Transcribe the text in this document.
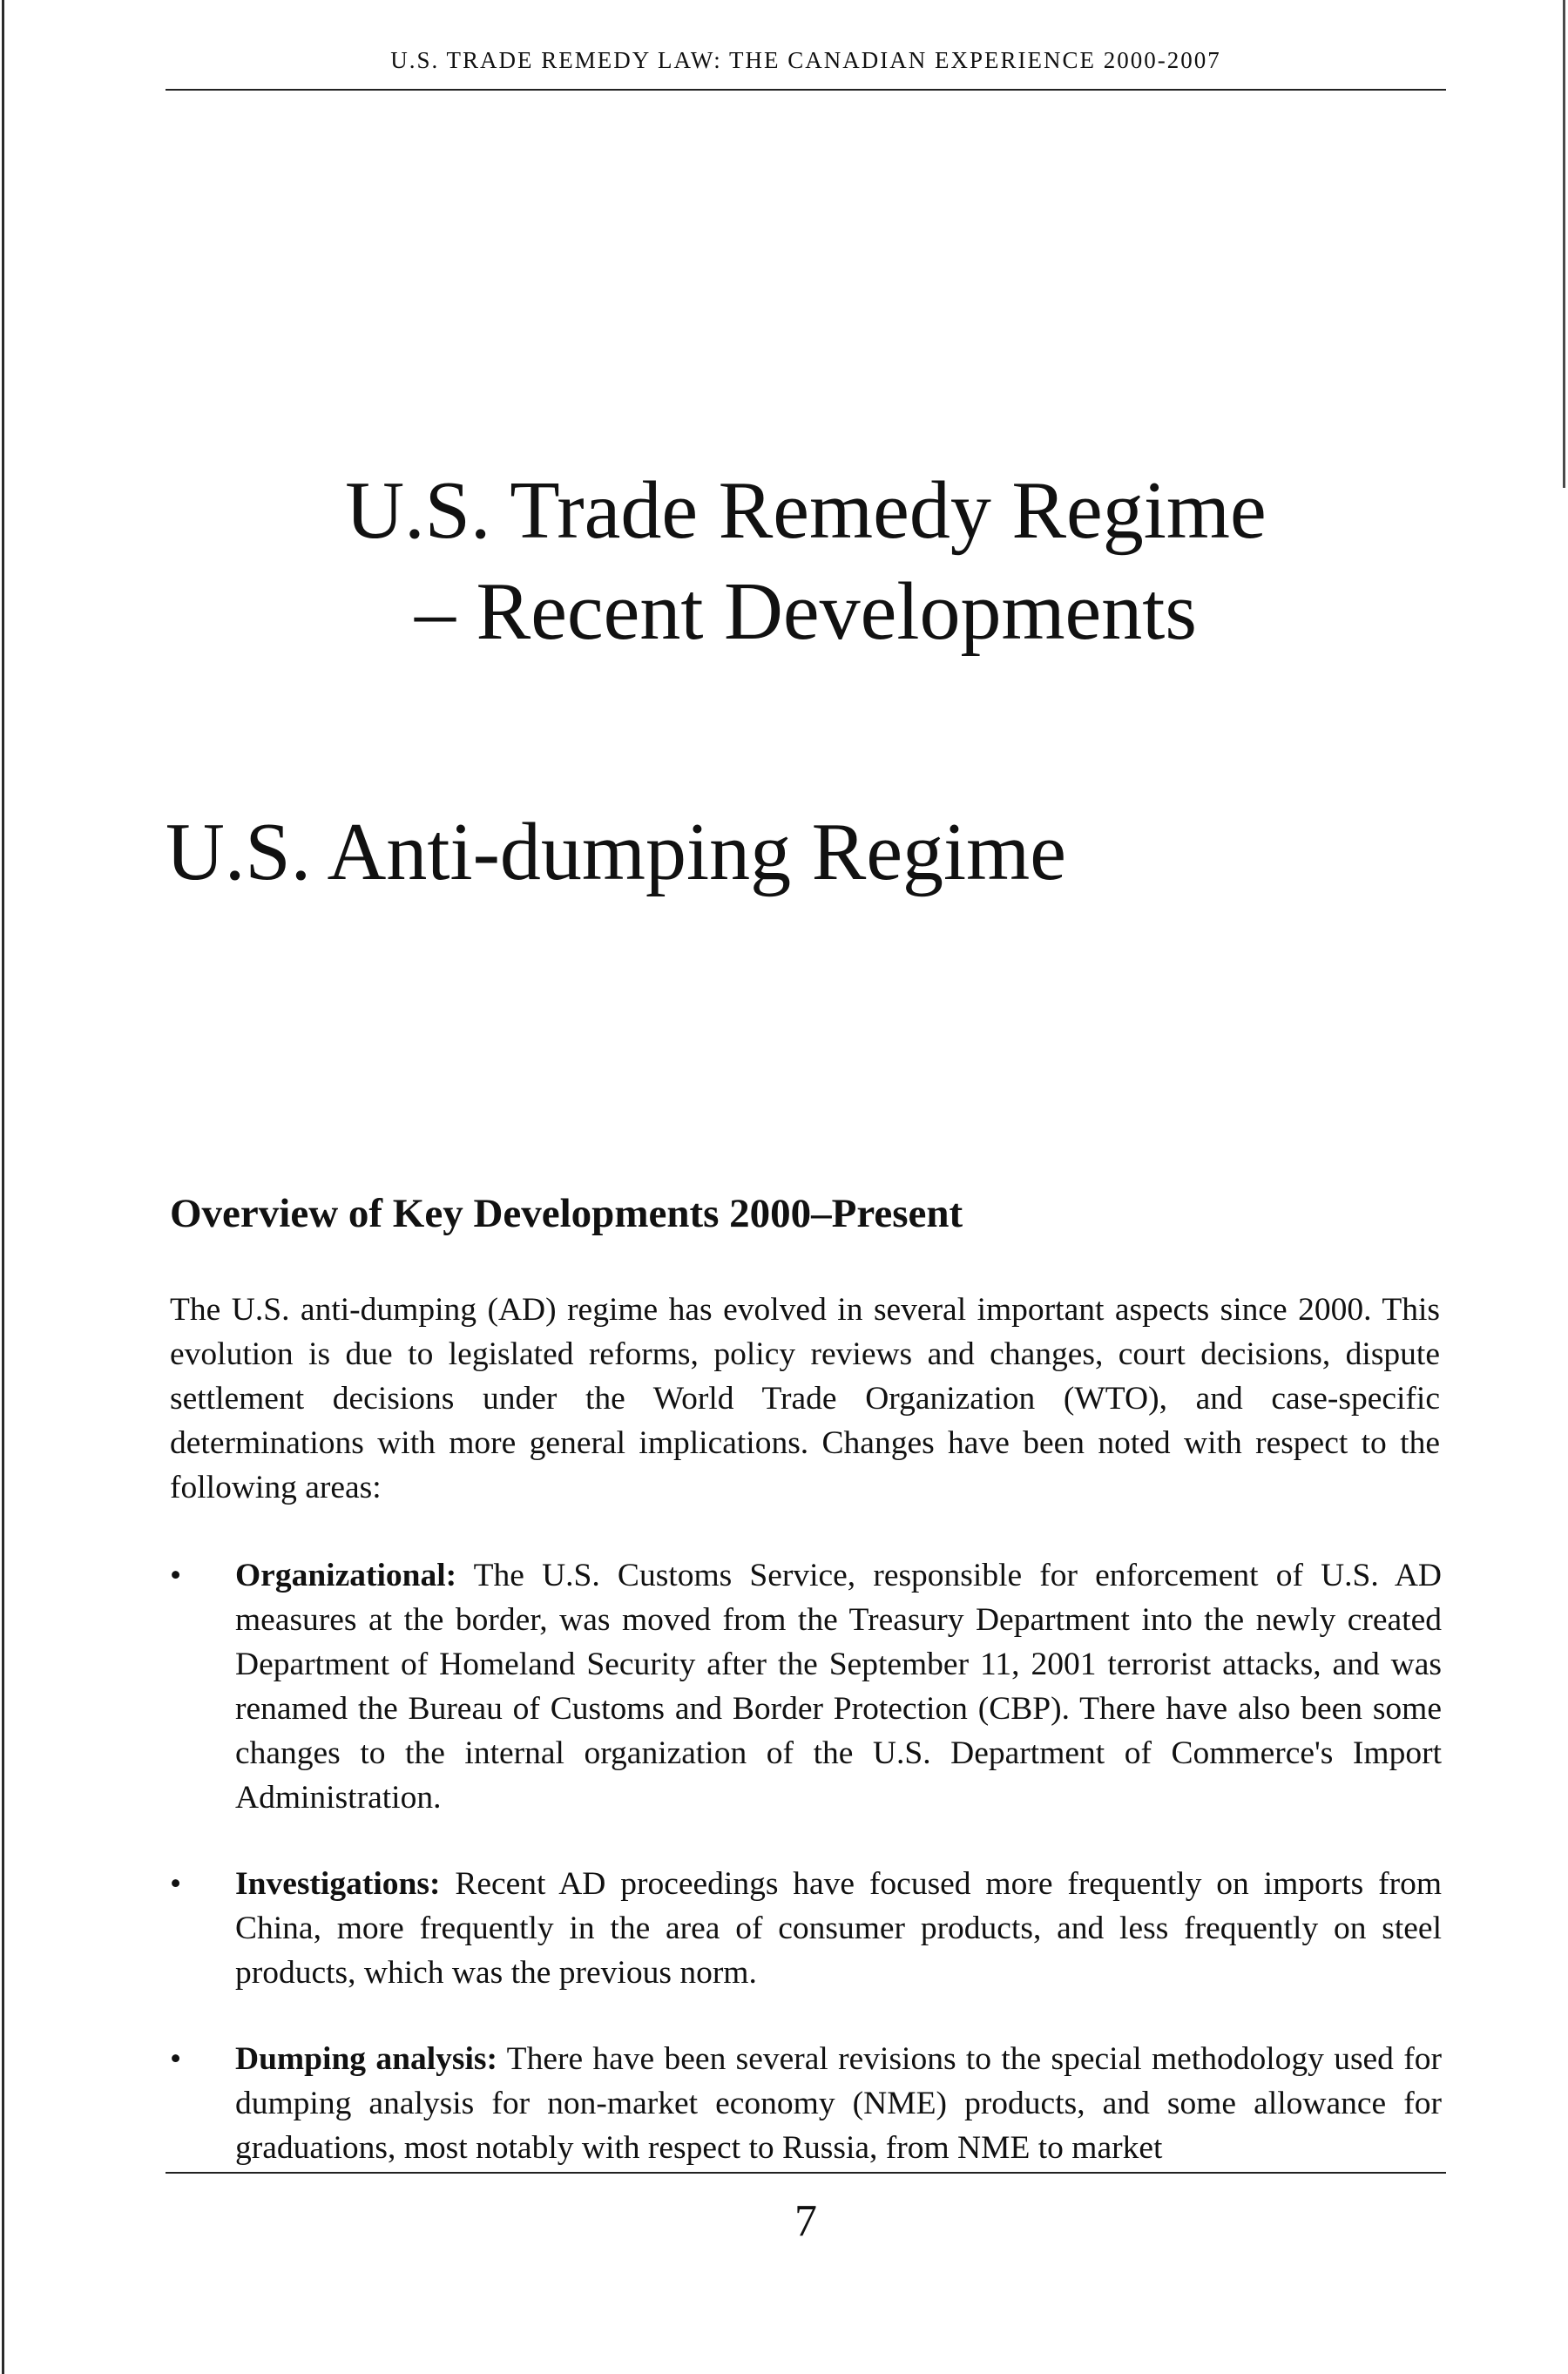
U.S. TRADE REMEDY LAW: THE CANADIAN EXPERIENCE 2000-2007
U.S. Trade Remedy Regime
– Recent Developments
U.S. Anti-dumping Regime
Overview of Key Developments 2000–Present

The U.S. anti-dumping (AD) regime has evolved in several important aspects since 2000. This evolution is due to legislated reforms, policy reviews and changes, court decisions, dispute settlement decisions under the World Trade Organization (WTO), and case-specific determinations with more general implications. Changes have been noted with respect to the following areas:

•	Organizational: The U.S. Customs Service, responsible for enforcement of U.S. AD measures at the border, was moved from the Treasury Department into the newly created Department of Homeland Security after the September 11, 2001 terrorist attacks, and was renamed the Bureau of Customs and Border Protection (CBP). There have also been some changes to the internal organization of the U.S. Department of Commerce's Import Administration.
•	Investigations: Recent AD proceedings have focused more frequently on imports from China, more frequently in the area of consumer products, and less frequently on steel products, which was the previous norm.
•	Dumping analysis: There have been several revisions to the special methodology used for dumping analysis for non-market economy (NME) products, and some allowance for graduations, most notably with respect to Russia, from NME to market
7
